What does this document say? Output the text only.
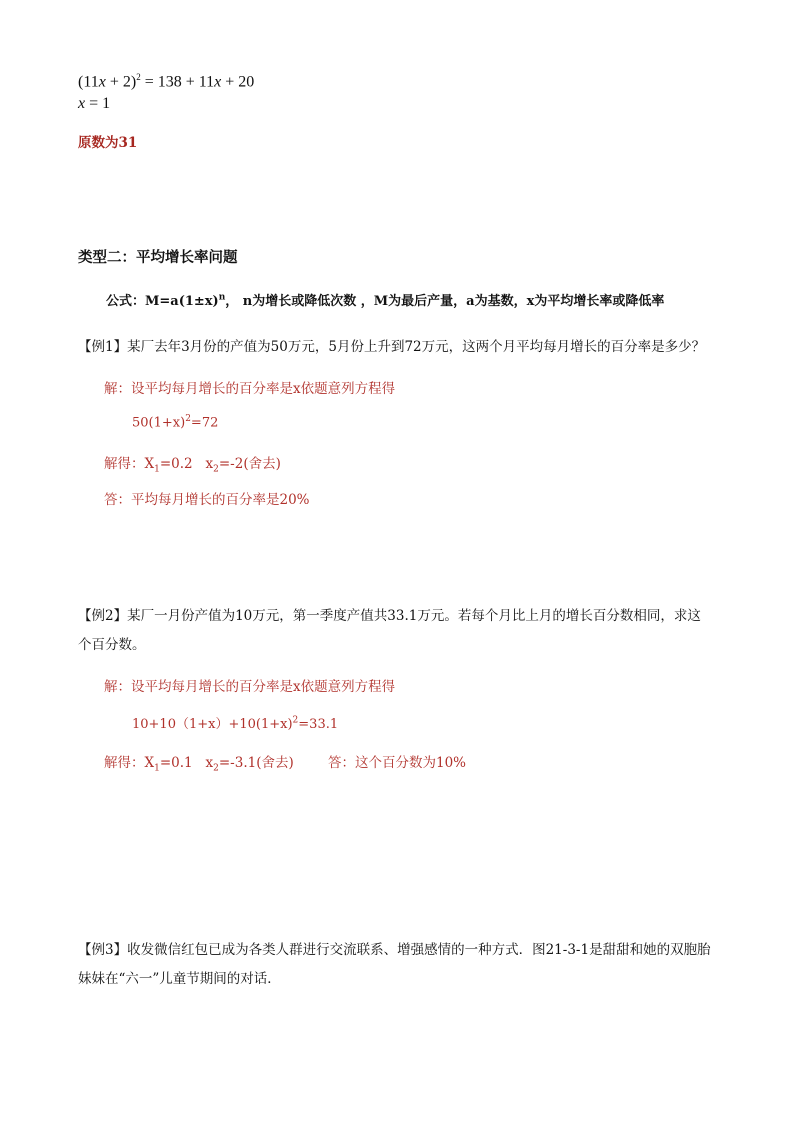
$(11x + 2)^2 = 138 + 11x + 20$
x = 1
原数为31
类型二：平均增长率问题
公式：$M=a(1\pm x)^n$， n为增长或降低次数 ，M为最后产量，a为基数，x为平均增长率或降低率
【例1】某厂去年3月份的产值为50万元，5月份上升到72万元，这两个月平均每月增长的百分率是多少？
解：设平均每月增长的百分率是x依题意列方程得
$50(1+x)^2=72$
解得：$X_1=0.2$ $x_2=-2$(舍去)
答：平均每月增长的百分率是20%
【例2】某厂一月份产值为10万元，第一季度产值共33.1万元。若每个月比上月的增长百分数相同，求这
个百分数。
解：设平均每月增长的百分率是x依题意列方程得
$10+10(1+x)+10(1+x)^2=33.1$
解得：$X_1=0.1$ $x_2=-3.1$(舍去)	答：这个百分数为10%
【例3】收发微信红包已成为各类人群进行交流联系、增强感情的一种方式．图21-3-1是甜甜和她的双胞胎
妹妹在“六一”儿童节期间的对话．
